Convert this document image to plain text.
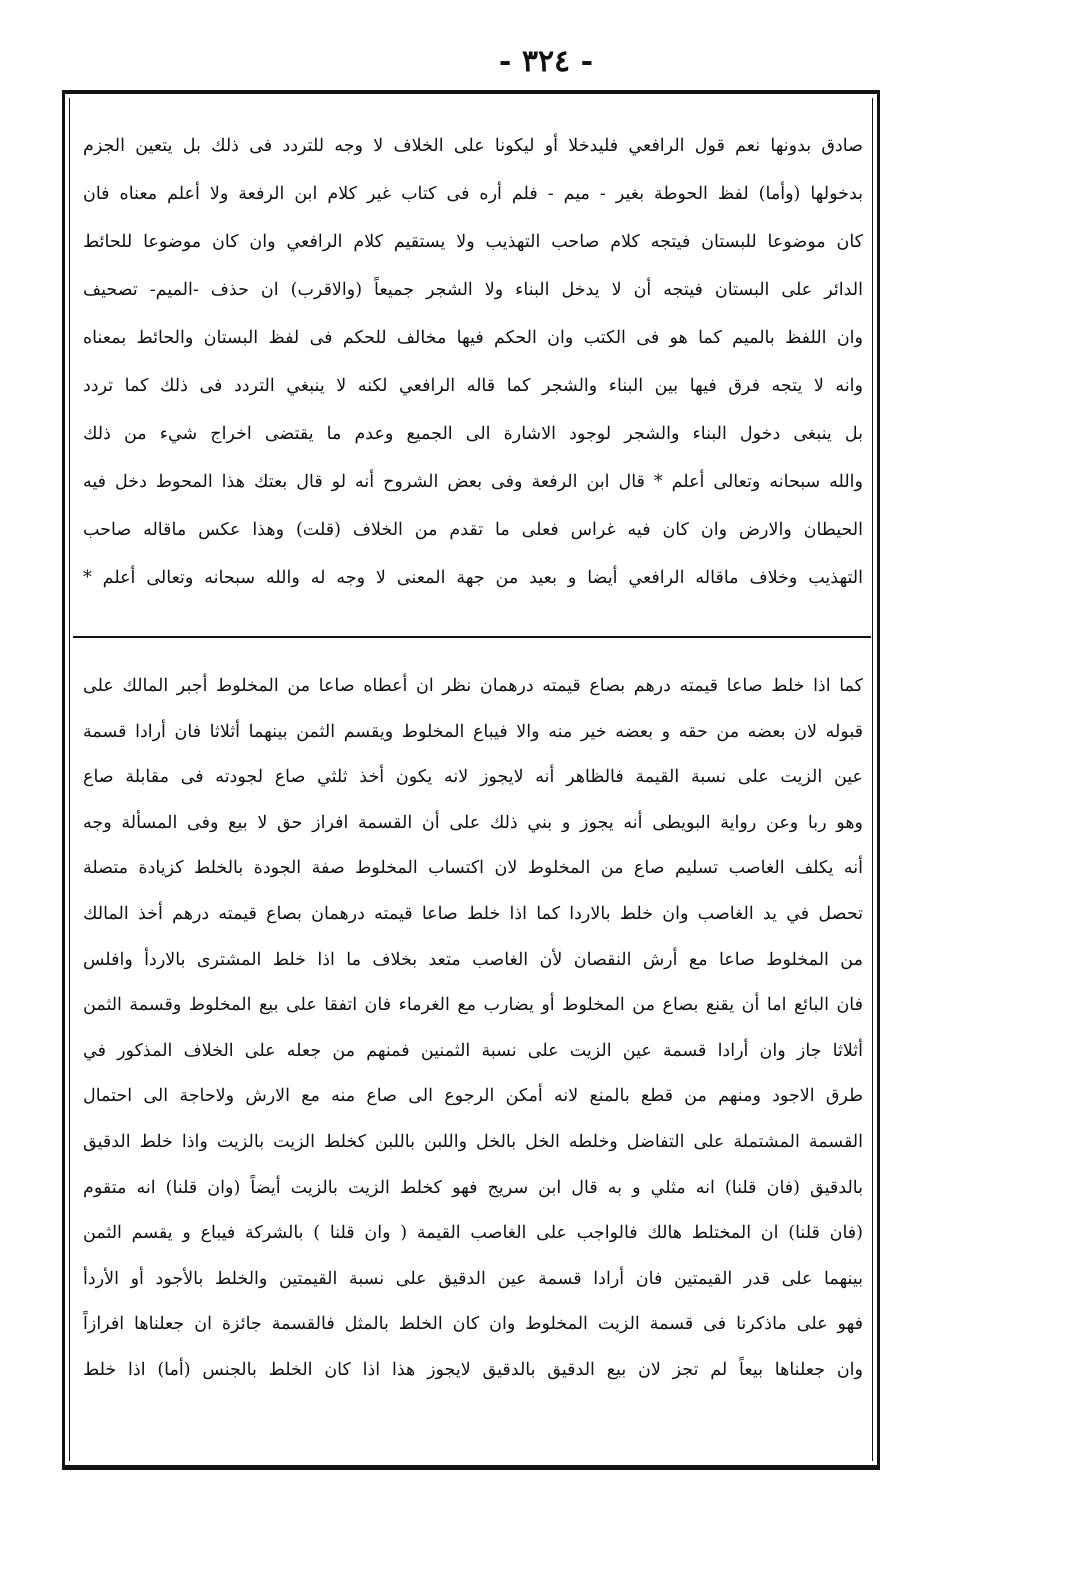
- ٣٢٤ -
صادق بدونها نعم قول الرافعي فليدخلا أو ليكونا على الخلاف لا وجه للتردد فى ذلك بل يتعين الجزم
بدخولها (وأما) لفظ الحوطة بغير - ميم - فلم أره فى كتاب غير كلام ابن الرفعة ولا أعلم معناه فان
كان موضوعا للبستان فيتجه كلام صاحب التهذيب ولا يستقيم كلام الرافعي وان كان موضوعا للحائط
الدائر على البستان فيتجه أن لا يدخل البناء ولا الشجر جميعاً (والاقرب) ان حذف -الميم- تصحيف
وان اللفظ بالميم كما هو فى الكتب وان الحكم فيها مخالف للحكم فى لفظ البستان والحائط بمعناه
وانه لا يتجه فرق فيها بين البناء والشجر كما قاله الرافعي لكنه لا ينبغي التردد فى ذلك كما تردد
بل ينبغى دخول البناء والشجر لوجود الاشارة الى الجميع وعدم ما يقتضى اخراج شيء من ذلك
والله سبحانه وتعالى أعلم * قال ابن الرفعة وفى بعض الشروح أنه لو قال بعتك هذا المحوط دخل فيه
الحيطان والارض وان كان فيه غراس فعلى ما تقدم من الخلاف (قلت) وهذا عكس ماقاله صاحب
التهذيب وخلاف ماقاله الرافعي أيضا و بعيد من جهة المعنى لا وجه له والله سبحانه وتعالى أعلم *
كما اذا خلط صاعا قيمته درهم بصاع قيمته درهمان نظر ان أعطاه صاعا من المخلوط أجبر المالك على
قبوله لان بعضه من حقه و بعضه خير منه والا فيباع المخلوط ويقسم الثمن بينهما أثلاثا فان أرادا قسمة
عين الزيت على نسبة القيمة فالظاهر أنه لايجوز لانه يكون أخذ ثلثي صاع لجودته فى مقابلة صاع
وهو ربا وعن رواية البويطى أنه يجوز و بني ذلك على أن القسمة افراز حق لا بيع وفى المسألة وجه
أنه يكلف الغاصب تسليم صاع من المخلوط لان اكتساب المخلوط صفة الجودة بالخلط كزيادة متصلة
تحصل في يد الغاصب وان خلط بالاردا كما اذا خلط صاعا قيمته درهمان بصاع قيمته درهم أخذ المالك
من المخلوط صاعا مع أرش النقصان لأن الغاصب متعد بخلاف ما اذا خلط المشترى بالاردأ وافلس
فان البائع اما أن يقنع بصاع من المخلوط أو يضارب مع الغرماء فان اتفقا على بيع المخلوط وقسمة الثمن
أثلاثا جاز وان أرادا قسمة عين الزيت على نسبة الثمنين فمنهم من جعله على الخلاف المذكور في
طرق الاجود ومنهم من قطع بالمنع لانه أمكن الرجوع الى صاع منه مع الارش ولاحاجة الى احتمال
القسمة المشتملة على التفاضل وخلطه الخل بالخل واللبن باللبن كخلط الزيت بالزيت واذا خلط الدقيق
بالدقيق (فان قلنا) انه مثلي و به قال ابن سريج فهو كخلط الزيت بالزيت أيضاً (وان قلنا) انه متقوم
(فان قلنا) ان المختلط هالك فالواجب على الغاصب القيمة ( وان قلنا ) بالشركة فيباع و يقسم الثمن
بينهما على قدر القيمتين فان أرادا قسمة عين الدقيق على نسبة القيمتين والخلط بالأجود أو الأردأ
فهو على ماذكرنا فى قسمة الزيت المخلوط وان كان الخلط بالمثل فالقسمة جائزة ان جعلناها افرازاً
وان جعلناها بيعاً لم تجز لان بيع الدقيق بالدقيق لايجوز هذا اذا كان الخلط بالجنس (أما) اذا خلط
